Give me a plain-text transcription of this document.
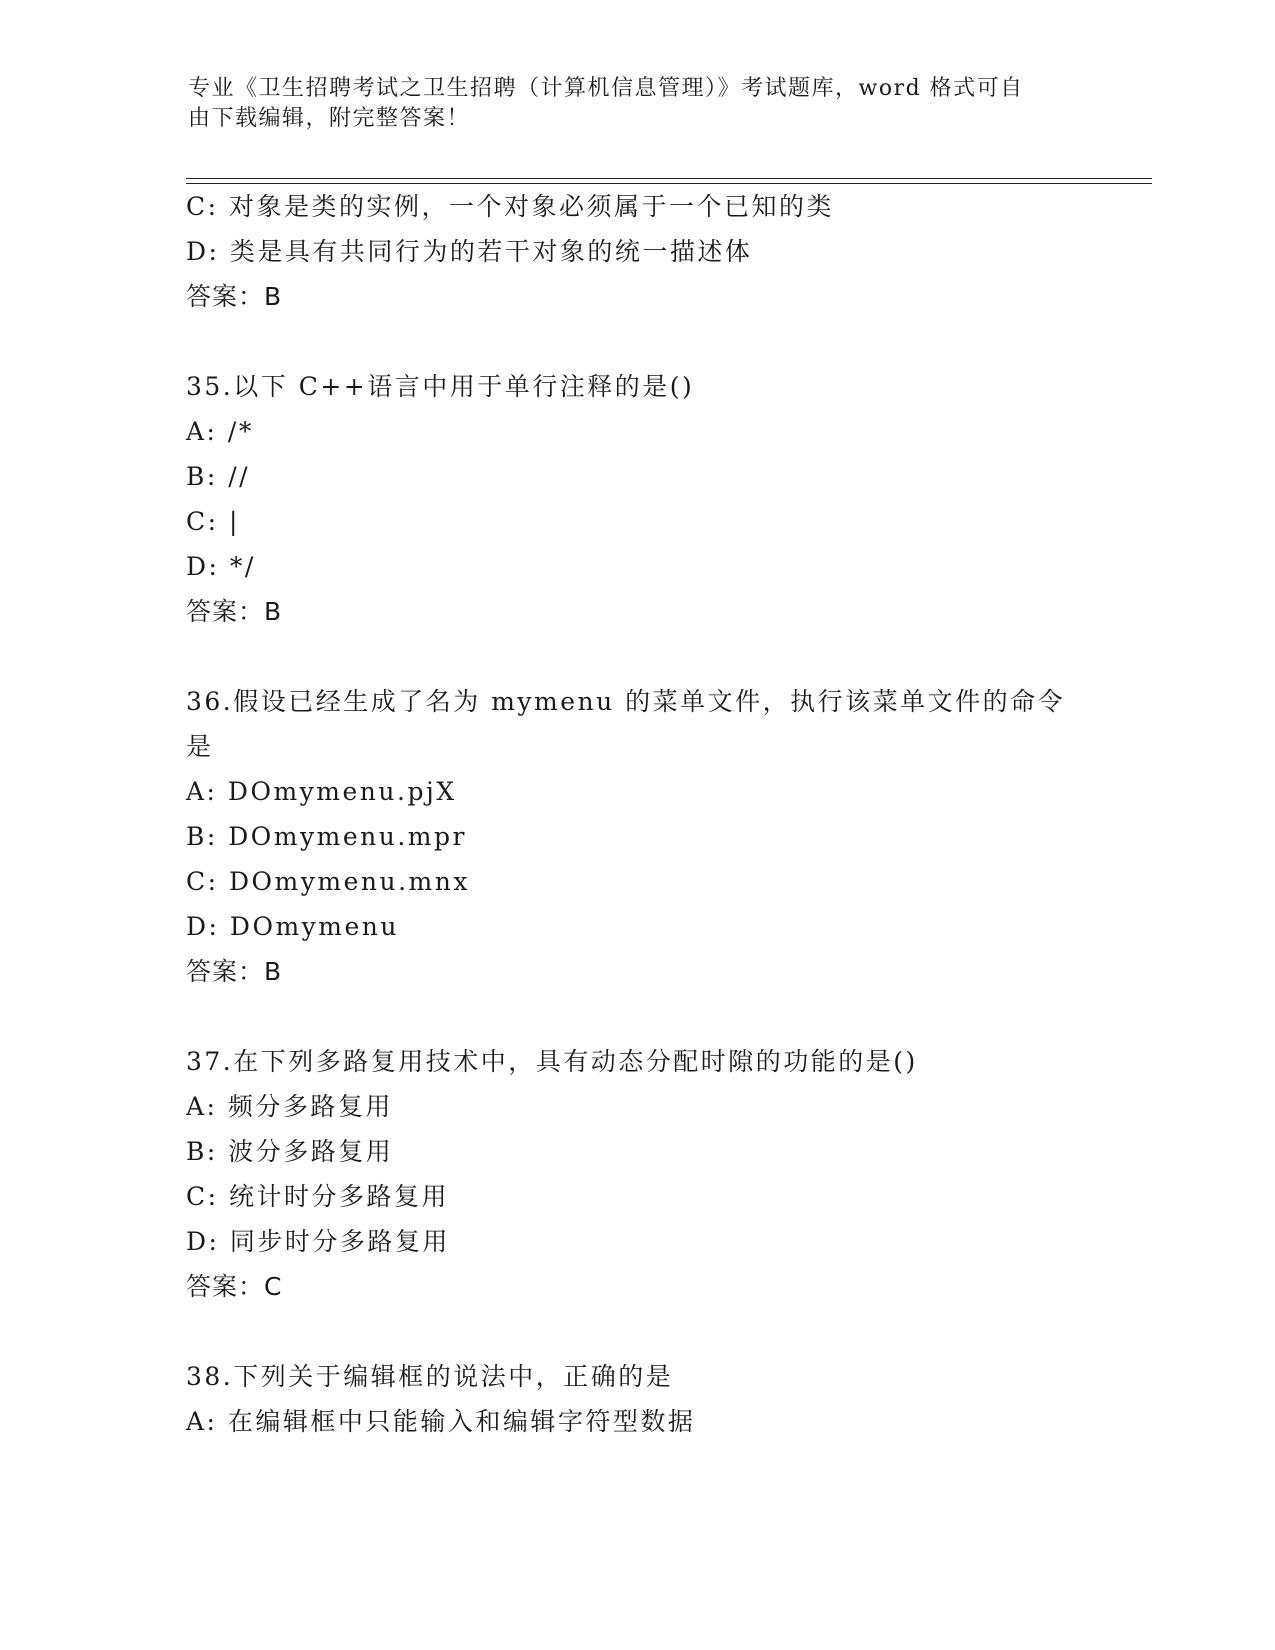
专业《卫生招聘考试之卫生招聘（计算机信息管理）》考试题库，word 格式可自
由下载编辑，附完整答案！
C: 对象是类的实例，一个对象必须属于一个已知的类
D: 类是具有共同行为的若干对象的统一描述体
答案：B
35.以下 C++语言中用于单行注释的是()
A: /*
B: //
C: |
D: */
答案：B
36.假设已经生成了名为 mymenu 的菜单文件，执行该菜单文件的命令
是
A: DOmymenu.pjX
B: DOmymenu.mpr
C: DOmymenu.mnx
D: DOmymenu
答案：B
37.在下列多路复用技术中，具有动态分配时隙的功能的是()
A: 频分多路复用
B: 波分多路复用
C: 统计时分多路复用
D: 同步时分多路复用
答案：C
38.下列关于编辑框的说法中，正确的是
A: 在编辑框中只能输入和编辑字符型数据
